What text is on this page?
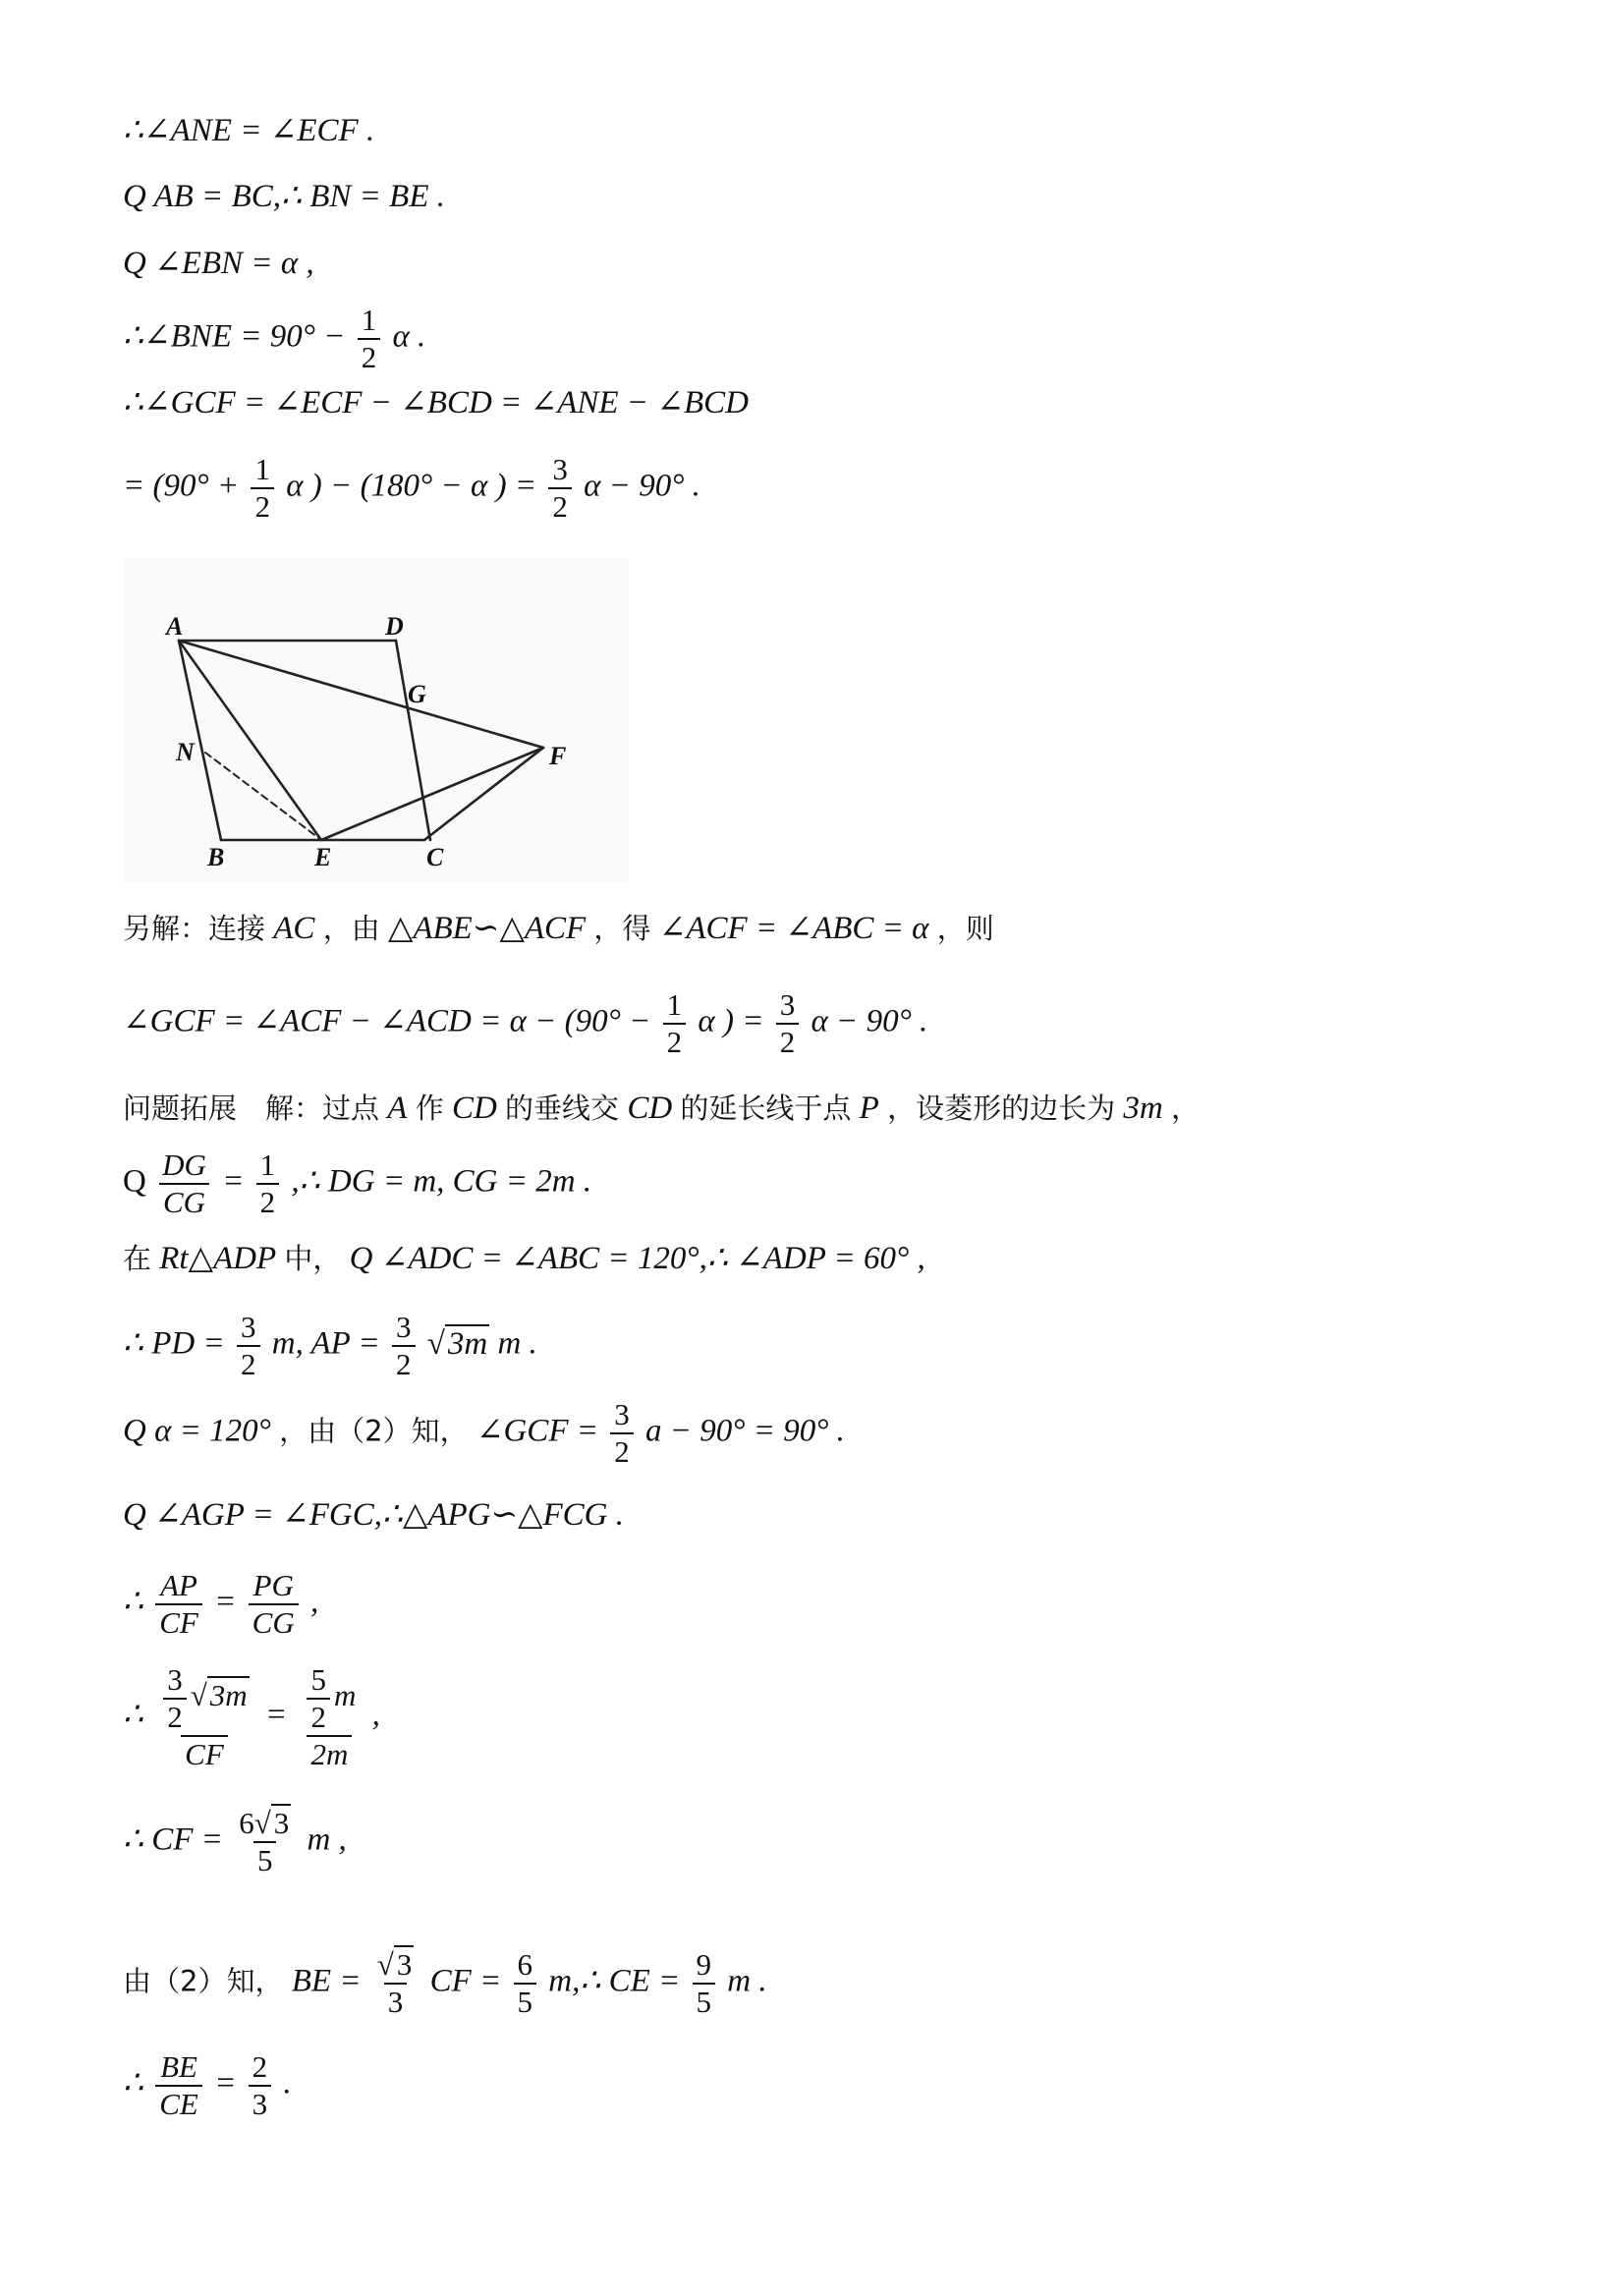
∴∠ANE = ∠ECF .
Q AB = BC,∴ BN = BE .
Q ∠EBN = α ,
∴∠BNE = $90^\circ - \frac{1}{2}$ α .
∴∠GCF = ∠ECF − ∠BCD = ∠ANE − ∠BCD
= ($90^\circ + \frac{1}{2}$ α ) − (180° − α ) = $\frac{3}{2}$ α − 90° .
A	D
G
N	F
B	E	C
另解：连接 AC ，由 △ABE∽△ACF ，得 ∠ACF = ∠ABC = α ，则
∠GCF = ∠ACF − ∠ACD = $\alpha - (90^\circ - \frac{1}{2}$ α ) = $\frac{3}{2}$ α − 90° .
问题拓展　解：过点 A 作 CD 的垂线交 CD 的延长线于点 P ，设菱形的边长为 3m ，
Q $\frac{DG}{CG} = \frac{1}{2}$ ,∴ DG = m, CG = 2m .
在 Rt△ADP 中， Q ∠ADC = ∠ABC = 120°,∴ ∠ADP = 60° ,
∴ PD = $\frac{3}{2} m$, AP = $\frac{3}{2} √3m$ m .
Q α = 120° ，由（2）知， ∠GCF = $\frac{3}{2}$ a − 90° = 90° .
Q ∠AGP = ∠FGC,∴△APG∽△FCG .
∴ $\frac{AP}{CF} = \frac{PG}{CG}$ ,
∴ $\frac{\frac{3}{2} √3m}{CF} = \frac{\frac{5}{2} m}{2m}$ ,
∴ CF = $\frac{6√3}{5}$ m ,
由（2）知， BE = $\frac{√3}{3}$ CF = $\frac{6}{5}$ m,∴ CE = $\frac{9}{5}$ m .
∴ $\frac{BE}{CE} = \frac{2}{3}$ .
